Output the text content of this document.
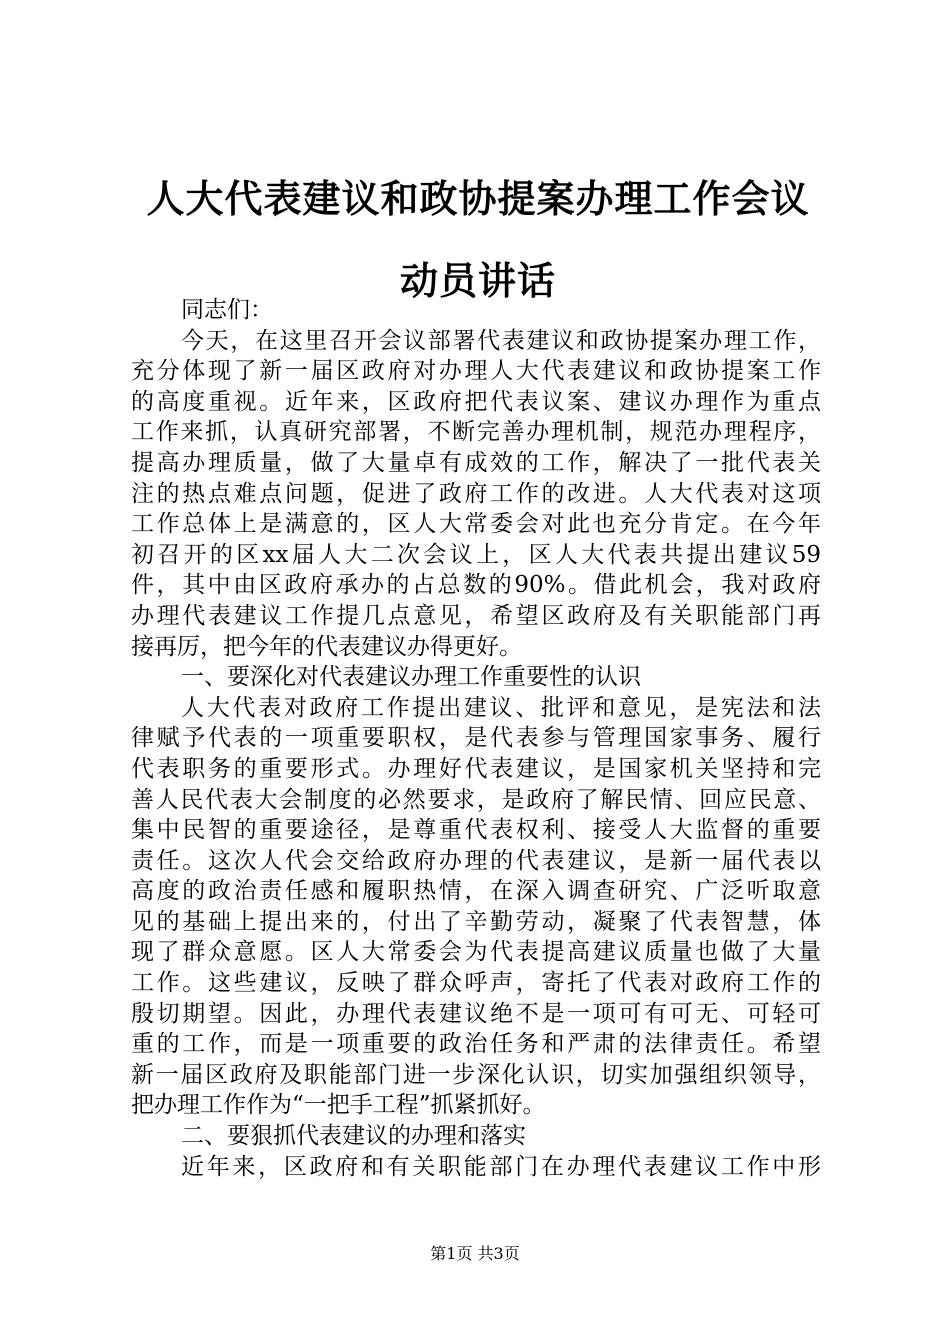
人大代表建议和政协提案办理工作会议动员讲话
同志们：
今天，在这里召开会议部署代表建议和政协提案办理工作，
充分体现了新一届区政府对办理人大代表建议和政协提案工作
的高度重视。近年来，区政府把代表议案、建议办理作为重点
工作来抓，认真研究部署，不断完善办理机制，规范办理程序，
提高办理质量，做了大量卓有成效的工作，解决了一批代表关
注的热点难点问题，促进了政府工作的改进。人大代表对这项
工作总体上是满意的，区人大常委会对此也充分肯定。在今年
初召开的区xx届人大二次会议上，区人大代表共提出建议59
件，其中由区政府承办的占总数的90%。借此机会，我对政府
办理代表建议工作提几点意见，希望区政府及有关职能部门再
接再厉，把今年的代表建议办得更好。
一、要深化对代表建议办理工作重要性的认识
人大代表对政府工作提出建议、批评和意见，是宪法和法
律赋予代表的一项重要职权，是代表参与管理国家事务、履行
代表职务的重要形式。办理好代表建议，是国家机关坚持和完
善人民代表大会制度的必然要求，是政府了解民情、回应民意、
集中民智的重要途径，是尊重代表权利、接受人大监督的重要
责任。这次人代会交给政府办理的代表建议，是新一届代表以
高度的政治责任感和履职热情，在深入调查研究、广泛听取意
见的基础上提出来的，付出了辛勤劳动，凝聚了代表智慧，体
现了群众意愿。区人大常委会为代表提高建议质量也做了大量
工作。这些建议，反映了群众呼声，寄托了代表对政府工作的
殷切期望。因此，办理代表建议绝不是一项可有可无、可轻可
重的工作，而是一项重要的政治任务和严肃的法律责任。希望
新一届区政府及职能部门进一步深化认识，切实加强组织领导，
把办理工作作为“一把手工程”抓紧抓好。
二、要狠抓代表建议的办理和落实
近年来，区政府和有关职能部门在办理代表建议工作中形
第1页 共3页
